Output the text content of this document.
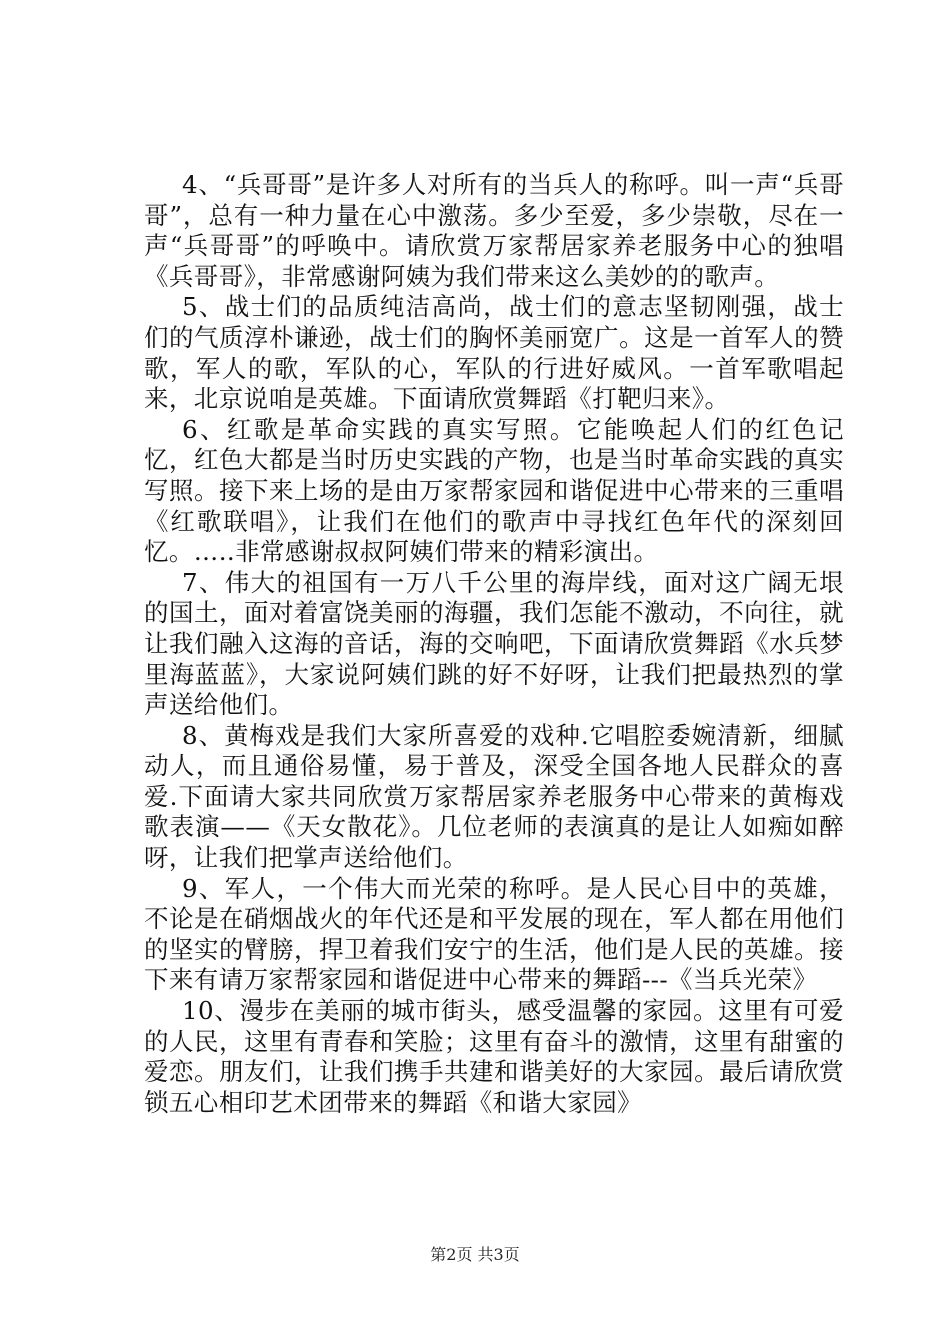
4、“兵哥哥”是许多人对所有的当兵人的称呼。叫一声“兵哥哥”，总有一种力量在心中激荡。多少至爱，多少崇敬，尽在一声“兵哥哥”的呼唤中。请欣赏万家帮居家养老服务中心的独唱《兵哥哥》，非常感谢阿姨为我们带来这么美妙的的歌声。

5、战士们的品质纯洁高尚，战士们的意志坚韧刚强，战士们的气质淳朴谦逊，战士们的胸怀美丽宽广。这是一首军人的赞歌，军人的歌，军队的心，军队的行进好威风。一首军歌唱起来，北京说咱是英雄。下面请欣赏舞蹈《打靶归来》。

6、红歌是革命实践的真实写照。它能唤起人们的红色记忆，红色大都是当时历史实践的产物，也是当时革命实践的真实写照。接下来上场的是由万家帮家园和谐促进中心带来的三重唱《红歌联唱》，让我们在他们的歌声中寻找红色年代的深刻回忆。…..非常感谢叔叔阿姨们带来的精彩演出。

7、伟大的祖国有一万八千公里的海岸线，面对这广阔无垠的国土，面对着富饶美丽的海疆，我们怎能不激动，不向往，就让我们融入这海的音话，海的交响吧，下面请欣赏舞蹈《水兵梦里海蓝蓝》，大家说阿姨们跳的好不好呀，让我们把最热烈的掌声送给他们。

8、黄梅戏是我们大家所喜爱的戏种.它唱腔委婉清新，细腻动人，而且通俗易懂，易于普及，深受全国各地人民群众的喜爱.下面请大家共同欣赏万家帮居家养老服务中心带来的黄梅戏歌表演——《天女散花》。几位老师的表演真的是让人如痴如醉呀，让我们把掌声送给他们。

9、军人，一个伟大而光荣的称呼。是人民心目中的英雄，不论是在硝烟战火的年代还是和平发展的现在，军人都在用他们的坚实的臂膀，捍卫着我们安宁的生活，他们是人民的英雄。接下来有请万家帮家园和谐促进中心带来的舞蹈---《当兵光荣》

10、漫步在美丽的城市街头，感受温馨的家园。这里有可爱的人民，这里有青春和笑脸；这里有奋斗的激情，这里有甜蜜的爱恋。朋友们，让我们携手共建和谐美好的大家园。最后请欣赏锁五心相印艺术团带来的舞蹈《和谐大家园》

第2页 共3页
